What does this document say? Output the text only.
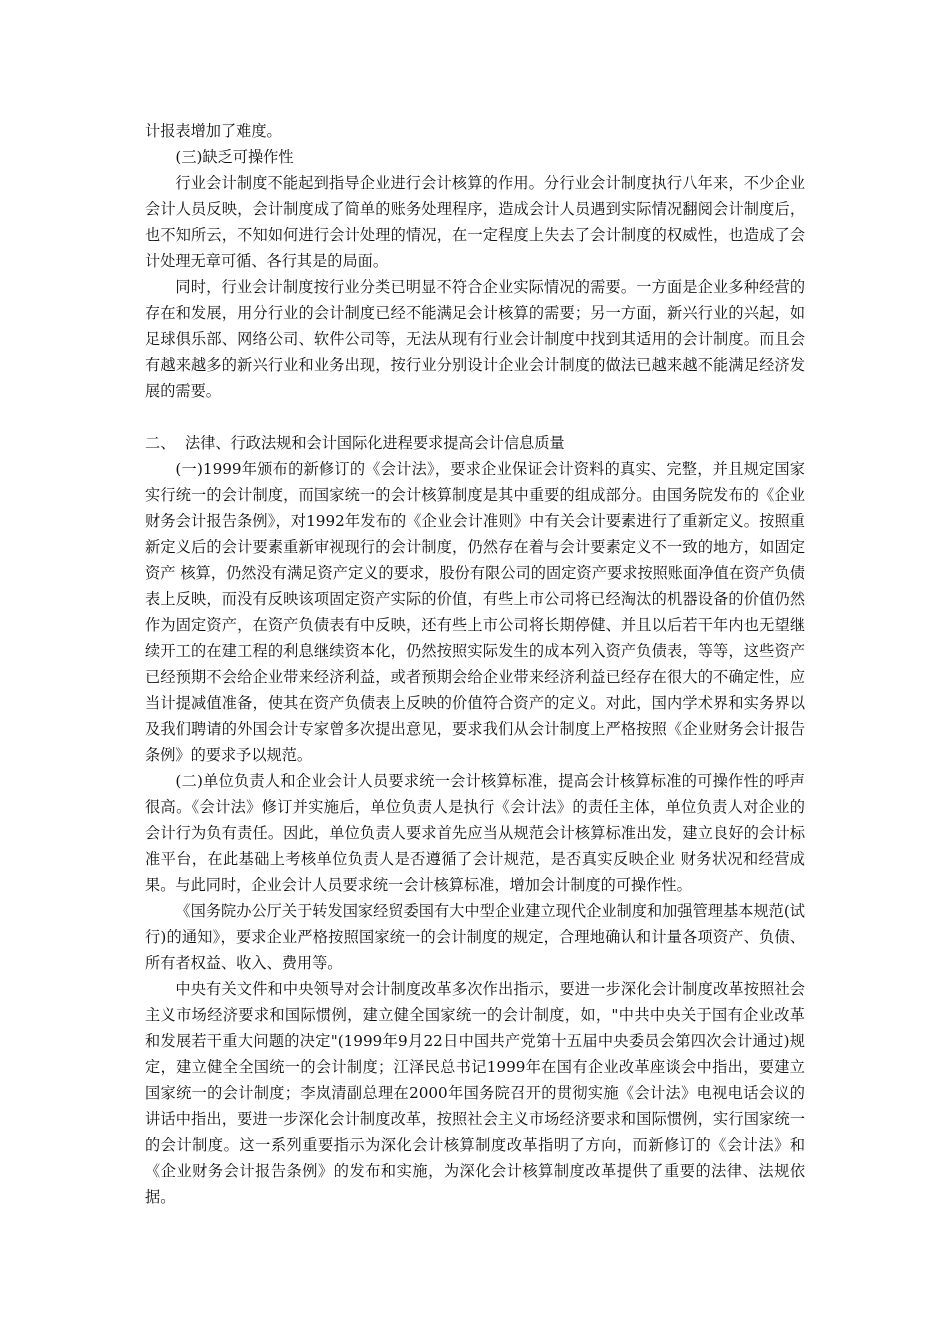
计报表增加了难度。

(三)缺乏可操作性

行业会计制度不能起到指导企业进行会计核算的作用。分行业会计制度执行八年来，不少企业会计人员反映，会计制度成了简单的账务处理程序，造成会计人员遇到实际情况翻阅会计制度后，也不知所云，不知如何进行会计处理的情况，在一定程度上失去了会计制度的权威性，也造成了会计处理无章可循、各行其是的局面。

同时，行业会计制度按行业分类已明显不符合企业实际情况的需要。一方面是企业多种经营的存在和发展，用分行业的会计制度已经不能满足会计核算的需要；另一方面，新兴行业的兴起，如足球俱乐部、网络公司、软件公司等，无法从现有行业会计制度中找到其适用的会计制度。而且会有越来越多的新兴行业和业务出现，按行业分别设计企业会计制度的做法已越来越不能满足经济发展的需要。

二、  法律、行政法规和会计国际化进程要求提高会计信息质量

(一)1999年颁布的新修订的《会计法》，要求企业保证会计资料的真实、完整，并且规定国家实行统一的会计制度，而国家统一的会计核算制度是其中重要的组成部分。由国务院发布的《企业财务会计报告条例》，对1992年发布的《企业会计准则》中有关会计要素进行了重新定义。按照重新定义后的会计要素重新审视现行的会计制度，仍然存在着与会计要素定义不一致的地方，如固定资产 核算，仍然没有满足资产定义的要求，股份有限公司的固定资产要求按照账面净值在资产负债表上反映，而没有反映该项固定资产实际的价值，有些上市公司将已经淘汰的机器设备的价值仍然作为固定资产，在资产负债表有中反映，还有些上市公司将长期停健、并且以后若干年内也无望继续开工的在建工程的利息继续资本化，仍然按照实际发生的成本列入资产负债表，等等，这些资产已经预期不会给企业带来经济利益，或者预期会给企业带来经济利益已经存在很大的不确定性，应当计提减值准备，使其在资产负债表上反映的价值符合资产的定义。对此，国内学术界和实务界以及我们聘请的外国会计专家曾多次提出意见，要求我们从会计制度上严格按照《企业财务会计报告条例》的要求予以规范。

(二)单位负责人和企业会计人员要求统一会计核算标准，提高会计核算标准的可操作性的呼声很高。《会计法》修订并实施后，单位负责人是执行《会计法》的责任主体，单位负责人对企业的会计行为负有责任。因此，单位负责人要求首先应当从规范会计核算标准出发，建立良好的会计标准平台，在此基础上考核单位负责人是否遵循了会计规范，是否真实反映企业 财务状况和经营成果。与此同时，企业会计人员要求统一会计核算标准，增加会计制度的可操作性。

《国务院办公厅关于转发国家经贸委国有大中型企业建立现代企业制度和加强管理基本规范(试行)的通知》，要求企业严格按照国家统一的会计制度的规定，合理地确认和计量各项资产、负债、所有者权益、收入、费用等。

中央有关文件和中央领导对会计制度改革多次作出指示，要进一步深化会计制度改革按照社会主义市场经济要求和国际惯例，建立健全国家统一的会计制度，如，"中共中央关于国有企业改革和发展若干重大问题的决定"(1999年9月22日中国共产党第十五届中央委员会第四次会计通过)规定，建立健全全国统一的会计制度；江泽民总书记1999年在国有企业改革座谈会中指出，要建立国家统一的会计制度；李岚清副总理在2000年国务院召开的贯彻实施《会计法》电视电话会议的讲话中指出，要进一步深化会计制度改革，按照社会主义市场经济要求和国际惯例，实行国家统一的会计制度。这一系列重要指示为深化会计核算制度改革指明了方向，而新修订的《会计法》和《企业财务会计报告条例》的发布和实施，为深化会计核算制度改革提供了重要的法律、法规依据。
